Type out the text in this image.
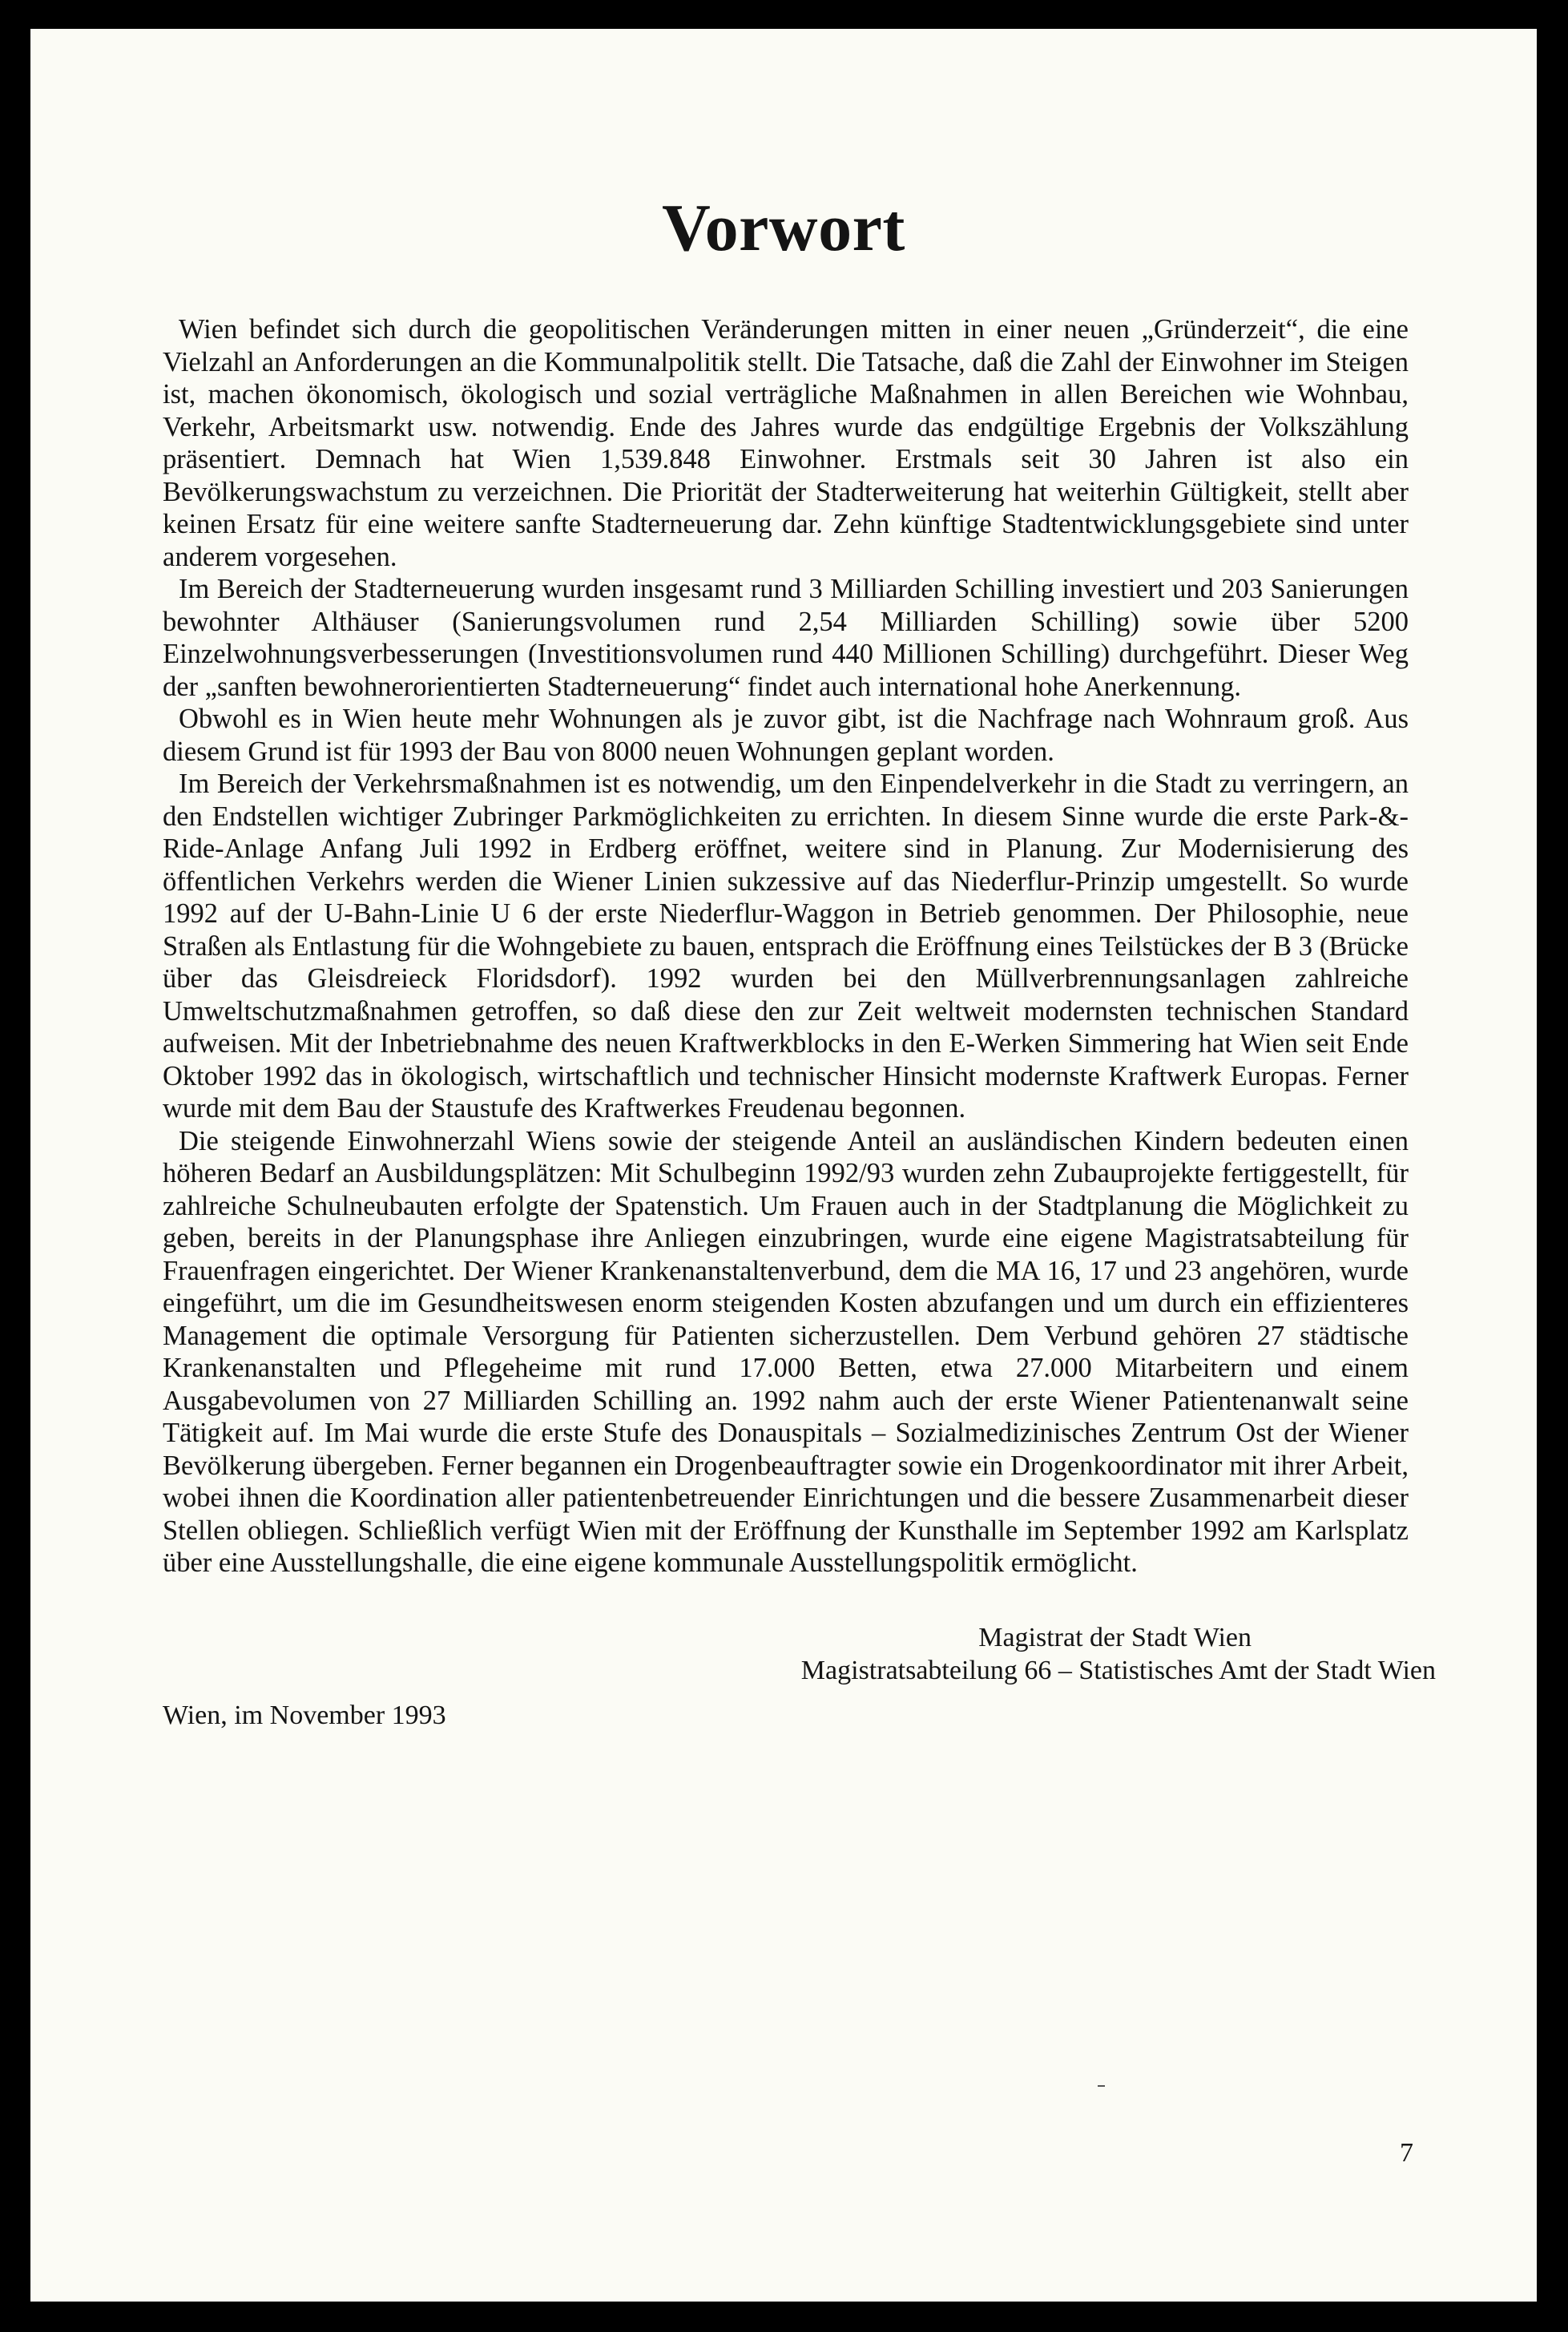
Vorwort

Wien befindet sich durch die geopolitischen Veränderungen mitten in einer neuen „Gründerzeit“, die eine Vielzahl an Anforderungen an die Kommunalpolitik stellt. Die Tatsache, daß die Zahl der Einwohner im Steigen ist, machen ökonomisch, ökologisch und sozial verträgliche Maßnahmen in allen Bereichen wie Wohnbau, Verkehr, Arbeitsmarkt usw. notwendig. Ende des Jahres wurde das endgültige Ergebnis der Volkszählung präsentiert. Demnach hat Wien 1,539.848 Einwohner. Erstmals seit 30 Jahren ist also ein Bevölkerungswachstum zu verzeichnen. Die Priorität der Stadterweiterung hat weiterhin Gültigkeit, stellt aber keinen Ersatz für eine weitere sanfte Stadterneuerung dar. Zehn künftige Stadtentwicklungsgebiete sind unter anderem vorgesehen.

Im Bereich der Stadterneuerung wurden insgesamt rund 3 Milliarden Schilling investiert und 203 Sanierungen bewohnter Althäuser (Sanierungsvolumen rund 2,54 Milliarden Schilling) sowie über 5200 Einzelwohnungsverbesserungen (Investitionsvolumen rund 440 Millionen Schilling) durchgeführt. Dieser Weg der „sanften bewohnerorientierten Stadterneuerung“ findet auch international hohe Anerkennung.

Obwohl es in Wien heute mehr Wohnungen als je zuvor gibt, ist die Nachfrage nach Wohnraum groß. Aus diesem Grund ist für 1993 der Bau von 8000 neuen Wohnungen geplant worden.

Im Bereich der Verkehrsmaßnahmen ist es notwendig, um den Einpendelverkehr in die Stadt zu verringern, an den Endstellen wichtiger Zubringer Parkmöglichkeiten zu errichten. In diesem Sinne wurde die erste Park-&-Ride-Anlage Anfang Juli 1992 in Erdberg eröffnet, weitere sind in Planung. Zur Modernisierung des öffentlichen Verkehrs werden die Wiener Linien sukzessive auf das Niederflur-Prinzip umgestellt. So wurde 1992 auf der U-Bahn-Linie U 6 der erste Niederflur-Waggon in Betrieb genommen. Der Philosophie, neue Straßen als Entlastung für die Wohngebiete zu bauen, entsprach die Eröffnung eines Teilstückes der B 3 (Brücke über das Gleisdreieck Floridsdorf). 1992 wurden bei den Müllverbrennungsanlagen zahlreiche Umweltschutzmaßnahmen getroffen, so daß diese den zur Zeit weltweit modernsten technischen Standard aufweisen. Mit der Inbetriebnahme des neuen Kraftwerkblocks in den E-Werken Simmering hat Wien seit Ende Oktober 1992 das in ökologisch, wirtschaftlich und technischer Hinsicht modernste Kraftwerk Europas. Ferner wurde mit dem Bau der Staustufe des Kraftwerkes Freudenau begonnen.

Die steigende Einwohnerzahl Wiens sowie der steigende Anteil an ausländischen Kindern bedeuten einen höheren Bedarf an Ausbildungsplätzen: Mit Schulbeginn 1992/93 wurden zehn Zubauprojekte fertiggestellt, für zahlreiche Schulneubauten erfolgte der Spatenstich. Um Frauen auch in der Stadtplanung die Möglichkeit zu geben, bereits in der Planungsphase ihre Anliegen einzubringen, wurde eine eigene Magistratsabteilung für Frauenfragen eingerichtet. Der Wiener Krankenanstaltenverbund, dem die MA 16, 17 und 23 angehören, wurde eingeführt, um die im Gesundheitswesen enorm steigenden Kosten abzufangen und um durch ein effizienteres Management die optimale Versorgung für Patienten sicherzustellen. Dem Verbund gehören 27 städtische Krankenanstalten und Pflegeheime mit rund 17.000 Betten, etwa 27.000 Mitarbeitern und einem Ausgabevolumen von 27 Milliarden Schilling an. 1992 nahm auch der erste Wiener Patientenanwalt seine Tätigkeit auf. Im Mai wurde die erste Stufe des Donauspitals – Sozialmedizinisches Zentrum Ost der Wiener Bevölkerung übergeben. Ferner begannen ein Drogenbeauftragter sowie ein Drogenkoordinator mit ihrer Arbeit, wobei ihnen die Koordination aller patientenbetreuender Einrichtungen und die bessere Zusammenarbeit dieser Stellen obliegen. Schließlich verfügt Wien mit der Eröffnung der Kunsthalle im September 1992 am Karlsplatz über eine Ausstellungshalle, die eine eigene kommunale Ausstellungspolitik ermöglicht.

Magistrat der Stadt Wien
Magistratsabteilung 66 – Statistisches Amt der Stadt Wien
Wien, im November 1993
7
